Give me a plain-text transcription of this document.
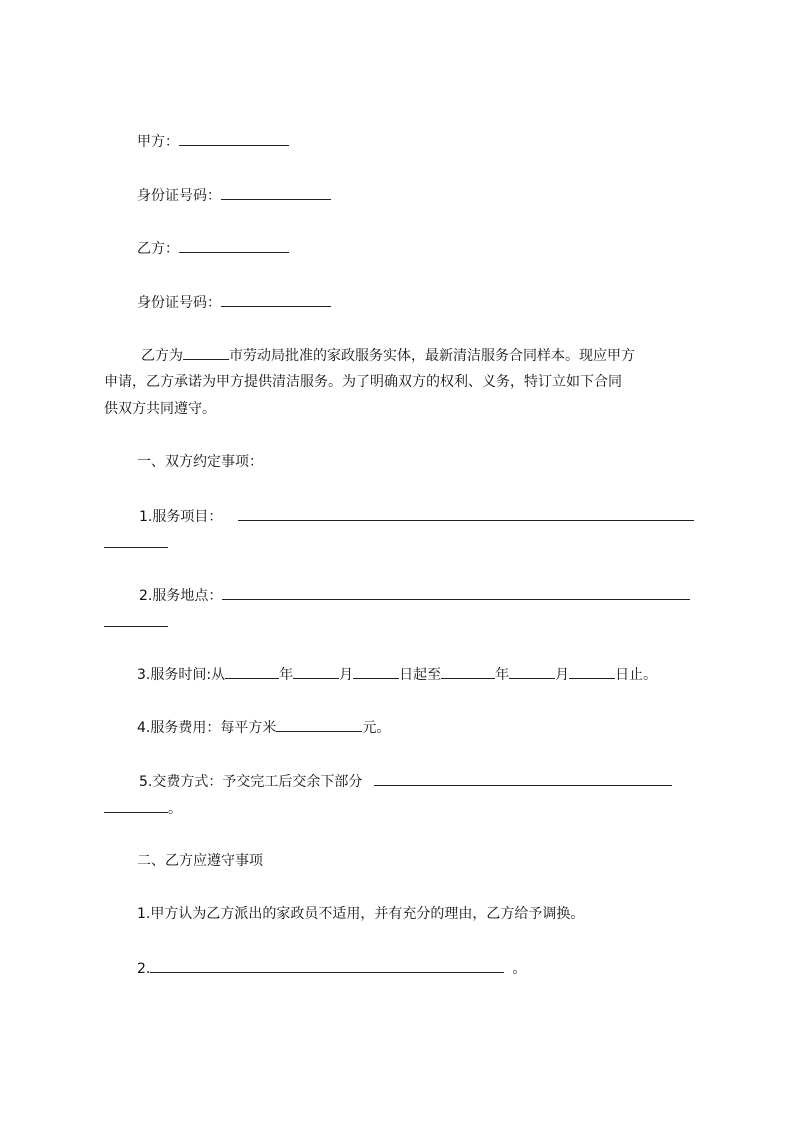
甲方：
身份证号码：
乙方：
身份证号码：
乙方为	市劳动局批准的家政服务实体，最新清洁服务合同样本。现应甲方
申请，乙方承诺为甲方提供清洁服务。为了明确双方的权利、义务，特订立如下合同
供双方共同遵守。
一、双方约定事项：
1.服务项目：
2.服务地点：
3.服务时间:从	年	月	日起至	年	月	日止。
4.服务费用：每平方米	元。
5.交费方式：予交完工后交余下部分
。
二、乙方应遵守事项
1.甲方认为乙方派出的家政员不适用，并有充分的理由，乙方给予调换。
2.	。
